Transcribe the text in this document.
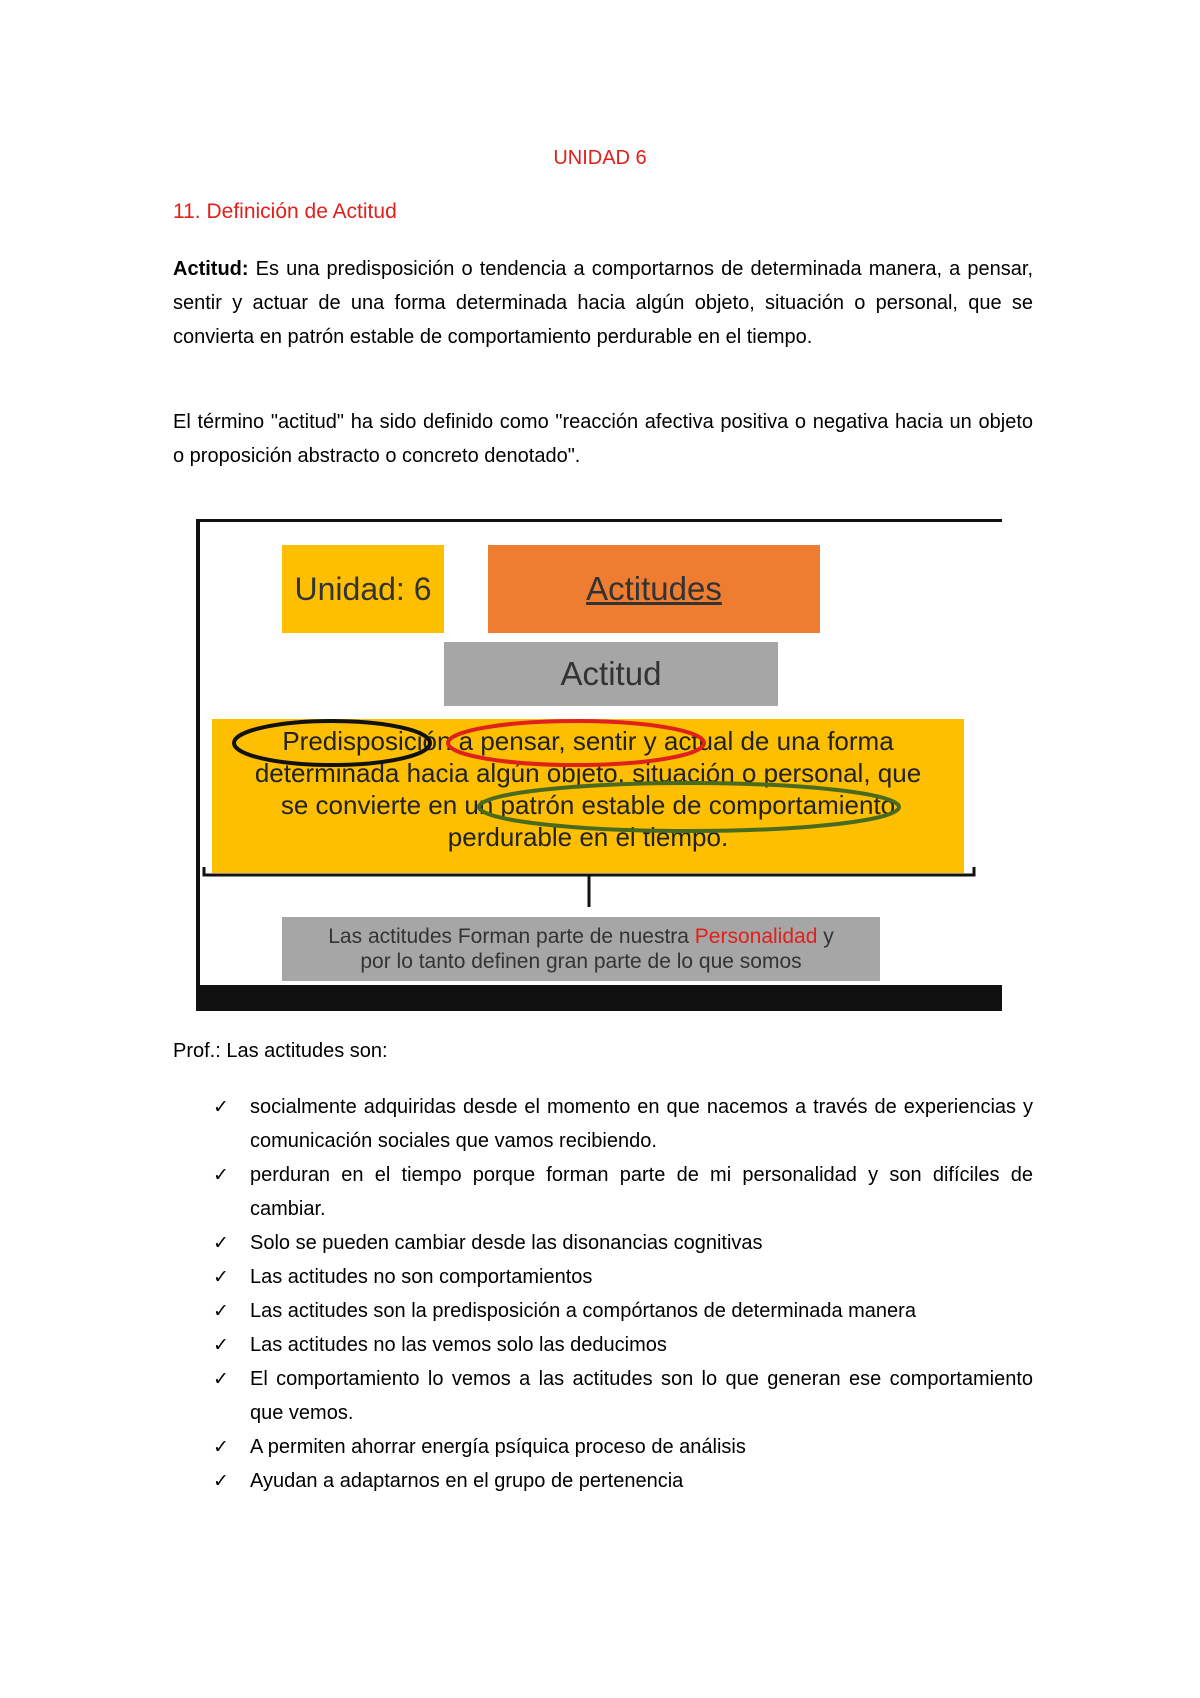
UNIDAD 6
11. Definición de Actitud
Actitud: Es una predisposición o tendencia a comportarnos de determinada manera, a pensar, sentir y actuar de una forma determinada hacia algún objeto, situación o personal, que se convierta en patrón estable de comportamiento perdurable en el tiempo.
El término "actitud" ha sido definido como "reacción afectiva positiva o negativa hacia un objeto o proposición abstracto o concreto denotado".
Unidad: 6	Actitudes
Actitud
Predisposición a pensar, sentir y actual de una forma
determinada hacia algún objeto, situación o personal, que
se convierte en un patrón estable de comportamiento
perdurable en el tiempo.
Las actitudes Forman parte de nuestra Personalidad y
por lo tanto definen gran parte de lo que somos
Prof.: Las actitudes son:
✓ socialmente adquiridas desde el momento en que nacemos a través de experiencias y comunicación sociales que vamos recibiendo.
✓ perduran en el tiempo porque forman parte de mi personalidad y son difíciles de cambiar.
✓ Solo se pueden cambiar desde las disonancias cognitivas
✓ Las actitudes no son comportamientos
✓ Las actitudes son la predisposición a compórtanos de determinada manera
✓ Las actitudes no las vemos solo las deducimos
✓ El comportamiento lo vemos a las actitudes son lo que generan ese comportamiento que vemos.
✓ A permiten ahorrar energía psíquica proceso de análisis
✓ Ayudan a adaptarnos en el grupo de pertenencia
